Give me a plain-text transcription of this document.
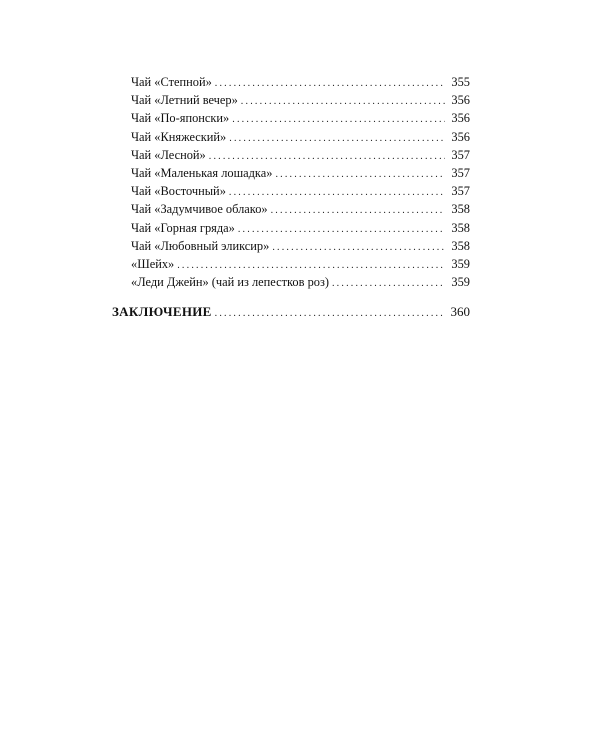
Чай «Степной» .....	355
Чай «Летний вечер» .....	356
Чай «По-японски» .....	356
Чай «Княжеский» .....	356
Чай «Лесной» .....	357
Чай «Маленькая лошадка» .....	357
Чай «Восточный» .....	357
Чай «Задумчивое облако» .....	358
Чай «Горная гряда» .....	358
Чай «Любовный эликсир» .....	358
«Шейх» .....	359
«Леди Джейн» (чай из лепестков роз) .....	359
ЗАКЛЮЧЕНИЕ .....	360
